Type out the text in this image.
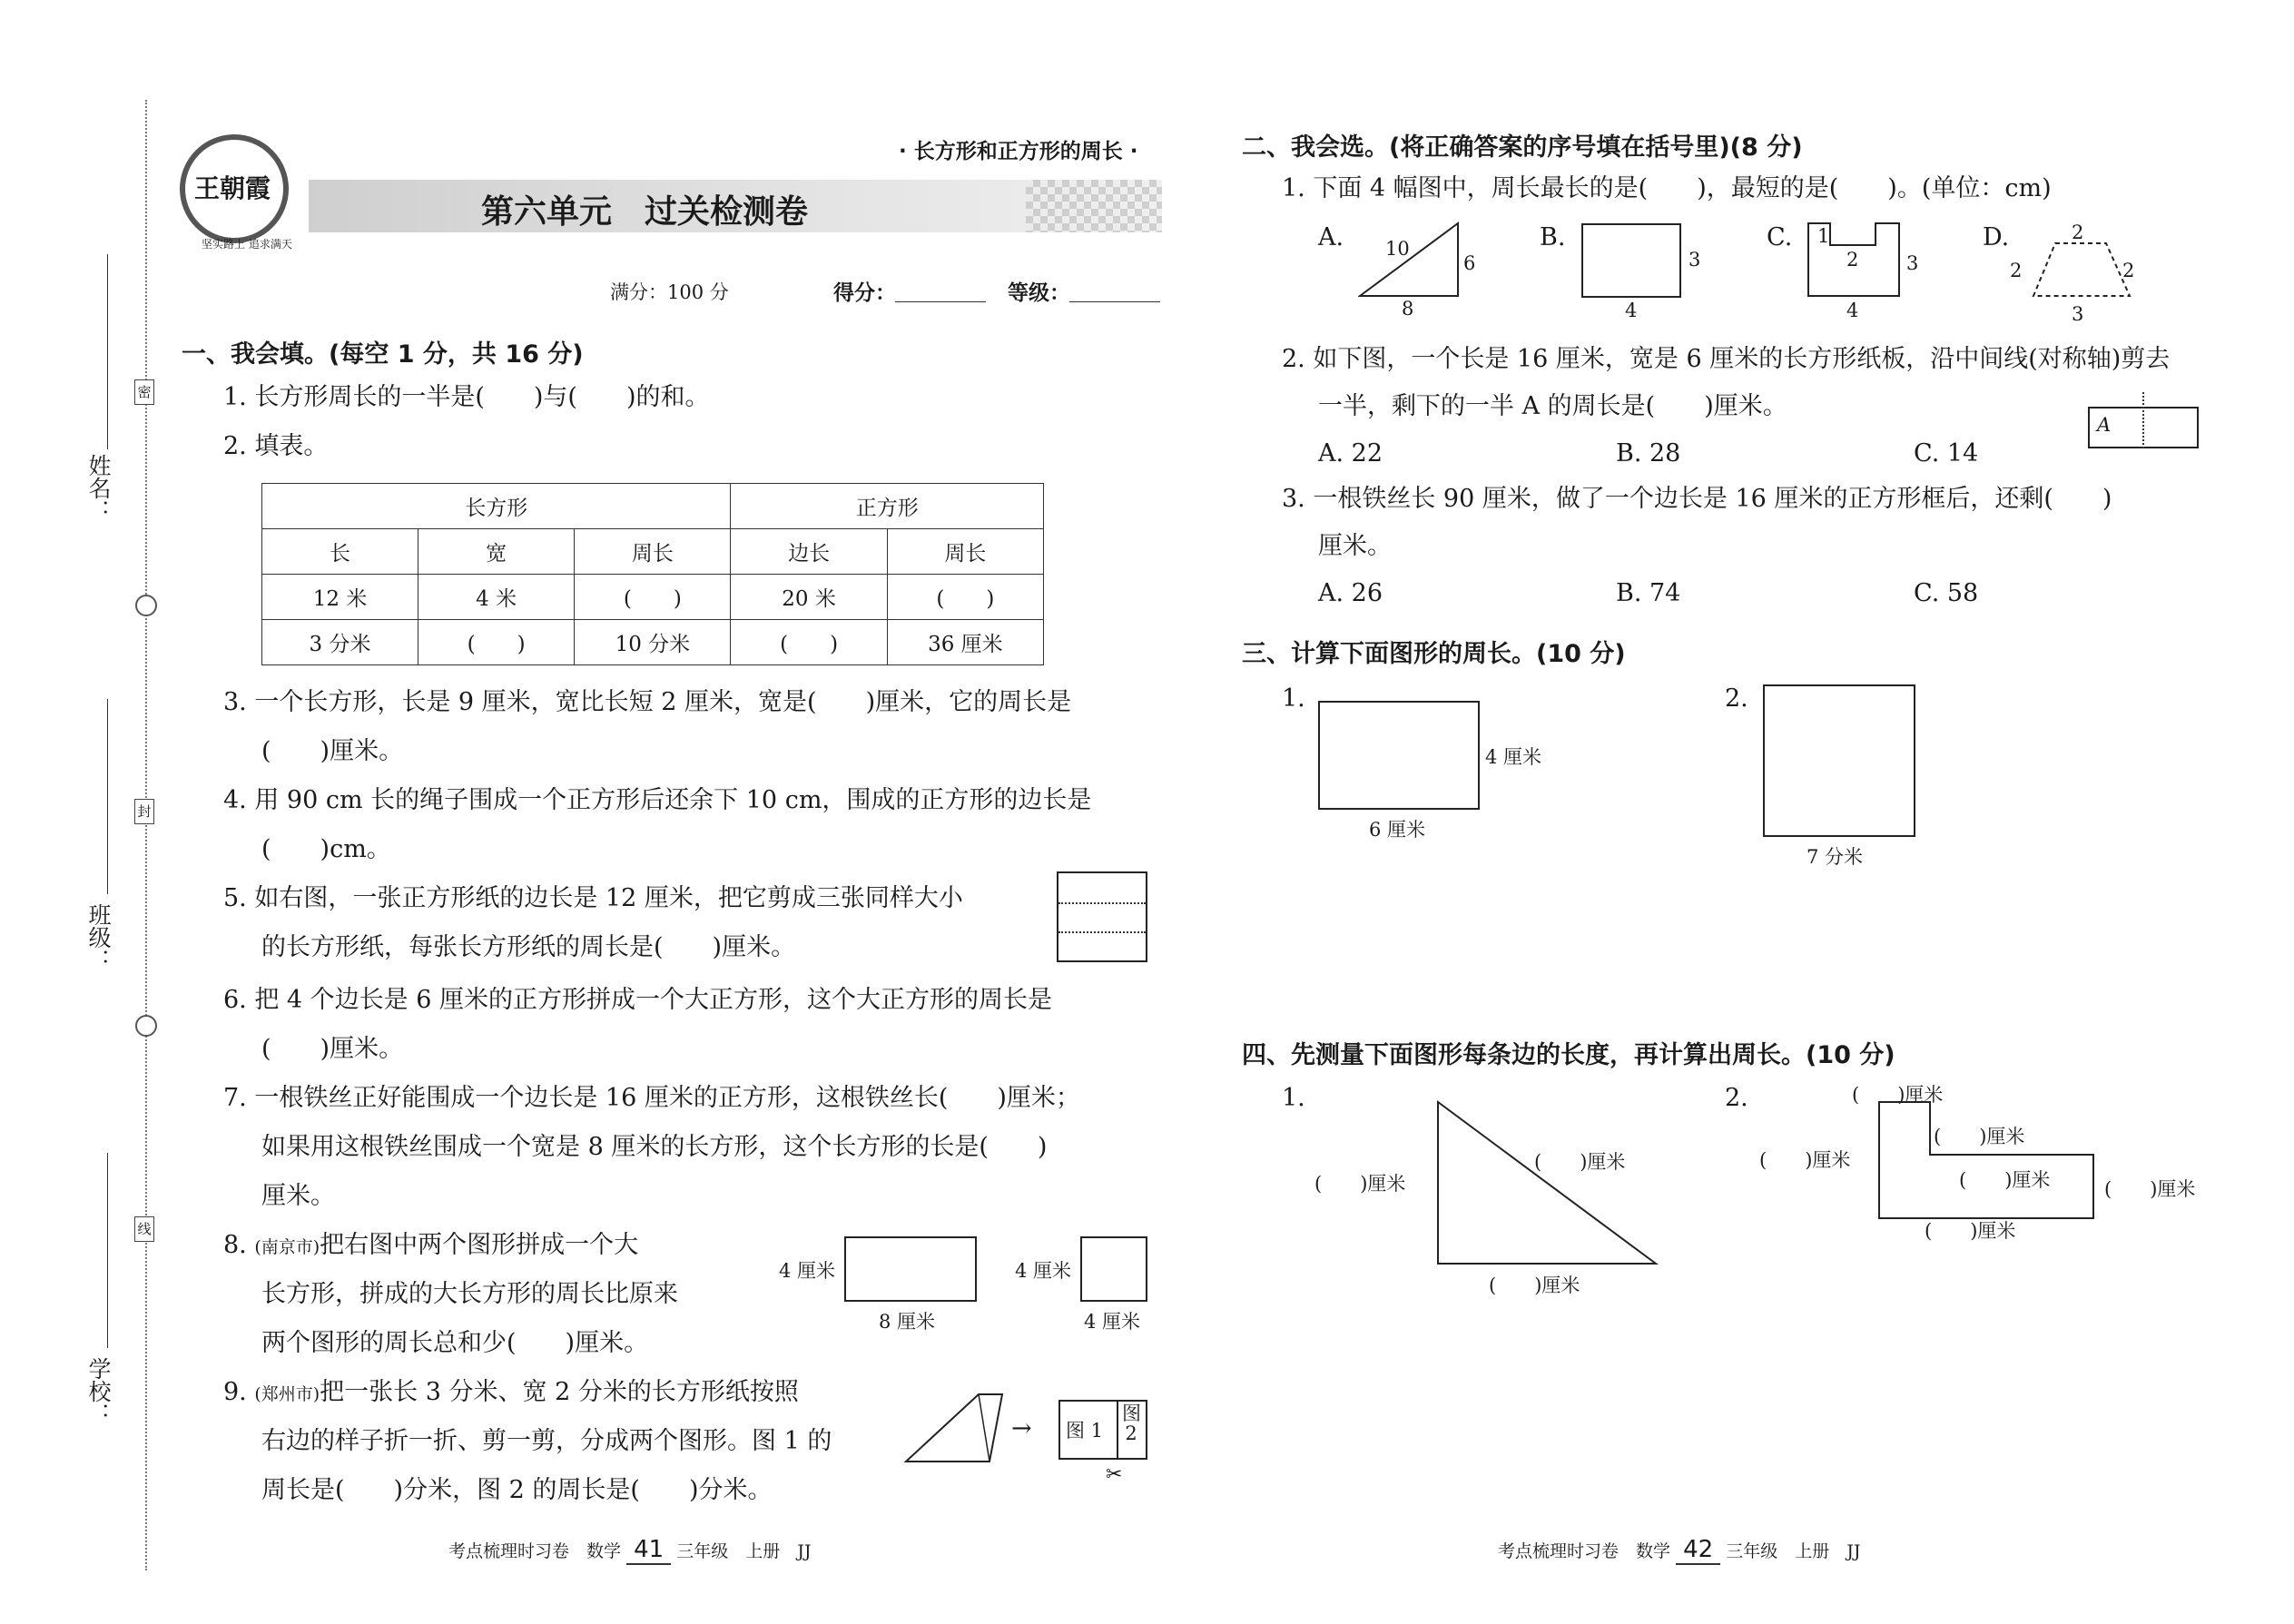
密
封
线
姓名：
班级：
学校：
王朝霞
坚实路上 追求满天
· 长方形和正方形的周长 ·
第六单元　过关检测卷
满分：100 分	得分：	等级：
一、我会填。(每空 1 分，共 16 分)
1. 长方形周长的一半是(　　)与(　　)的和。
2. 填表。
长方形			正方形	
长	宽	周长	边长	周长
12 米	4 米	(　　)	20 米	(　　)
3 分米	(　　)	10 分米	(　　)	36 厘米
3. 一个长方形，长是 9 厘米，宽比长短 2 厘米，宽是(　　)厘米，它的周长是
(　　)厘米。
4. 用 90 cm 长的绳子围成一个正方形后还余下 10 cm，围成的正方形的边长是
(　　)cm。
5. 如右图，一张正方形纸的边长是 12 厘米，把它剪成三张同样大小
的长方形纸，每张长方形纸的周长是(　　)厘米。
6. 把 4 个边长是 6 厘米的正方形拼成一个大正方形，这个大正方形的周长是
(　　)厘米。
7. 一根铁丝正好能围成一个边长是 16 厘米的正方形，这根铁丝长(　　)厘米；
如果用这根铁丝围成一个宽是 8 厘米的长方形，这个长方形的长是(　　)
厘米。
8. (南京市)把右图中两个图形拼成一个大
长方形，拼成的大长方形的周长比原来
两个图形的周长总和少(　　)厘米。
4 厘米
8 厘米
4 厘米
4 厘米
9. (郑州市)把一张长 3 分米、宽 2 分米的长方形纸按照
右边的样子折一折、剪一剪，分成两个图形。图 1 的
周长是(　　)分米，图 2 的周长是(　　)分米。
→ 图 1
图 2
✂
考点梳理时习卷　数学 41 三年级　上册　JJ
二、我会选。(将正确答案的序号填在括号里)(8 分)
1. 下面 4 幅图中，周长最长的是(　　)，最短的是(　　)。(单位：cm)
A. 10
6
8
B.
3
4
C. 1
2	3
4
D.	2
2	2
3
2. 如下图，一个长是 16 厘米，宽是 6 厘米的长方形纸板，沿中间线(对称轴)剪去
一半，剩下的一半 A 的周长是(　　)厘米。
A. 22	B. 28	C. 14
A
3. 一根铁丝长 90 厘米，做了一个边长是 16 厘米的正方形框后，还剩(　　)
厘米。
A. 26	B. 74	C. 58
三、计算下面图形的周长。(10 分)
1.
4 厘米
6 厘米
2.
7 分米
四、先测量下面图形每条边的长度，再计算出周长。(10 分)
1.
(　　)厘米
(　　)厘米
(　　)厘米
2.	(　　)厘米
(　　)厘米
(　　)厘米
(　　)厘米
(　　)厘米
(　　)厘米
考点梳理时习卷　数学 42 三年级　上册　JJ
